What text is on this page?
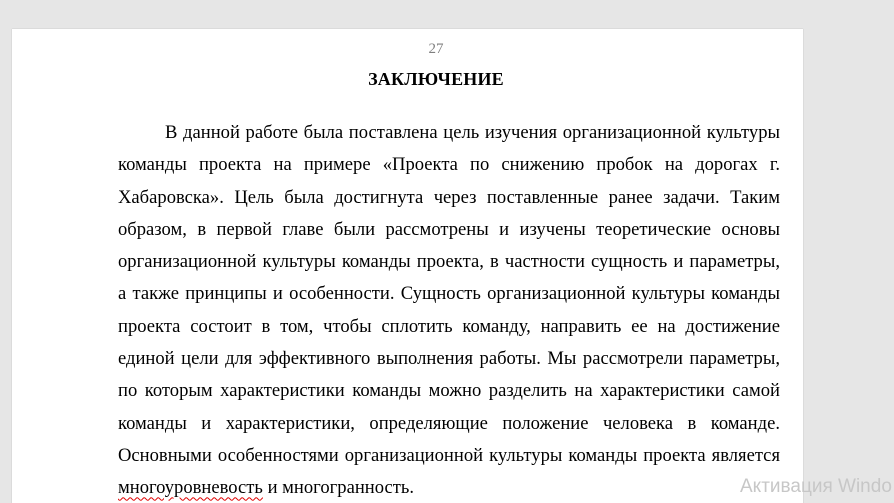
27
ЗАКЛЮЧЕНИЕ
В данной работе была поставлена цель изучения организационной культуры
команды проекта на примере «Проекта по снижению пробок на дорогах г.
Хабаровска». Цель была достигнута через поставленные ранее задачи. Таким
образом, в первой главе были рассмотрены и изучены теоретические основы
организационной культуры команды проекта, в частности сущность и параметры,
а также принципы и особенности. Сущность организационной культуры команды
проекта состоит в том, чтобы сплотить команду, направить ее на достижение
единой цели для эффективного выполнения работы. Мы рассмотрели параметры,
по которым характеристики команды можно разделить на характеристики самой
команды и характеристики, определяющие положение человека в команде.
Основными особенностями организационной культуры команды проекта является
многоуровневость и многогранность.	Активация Windo
